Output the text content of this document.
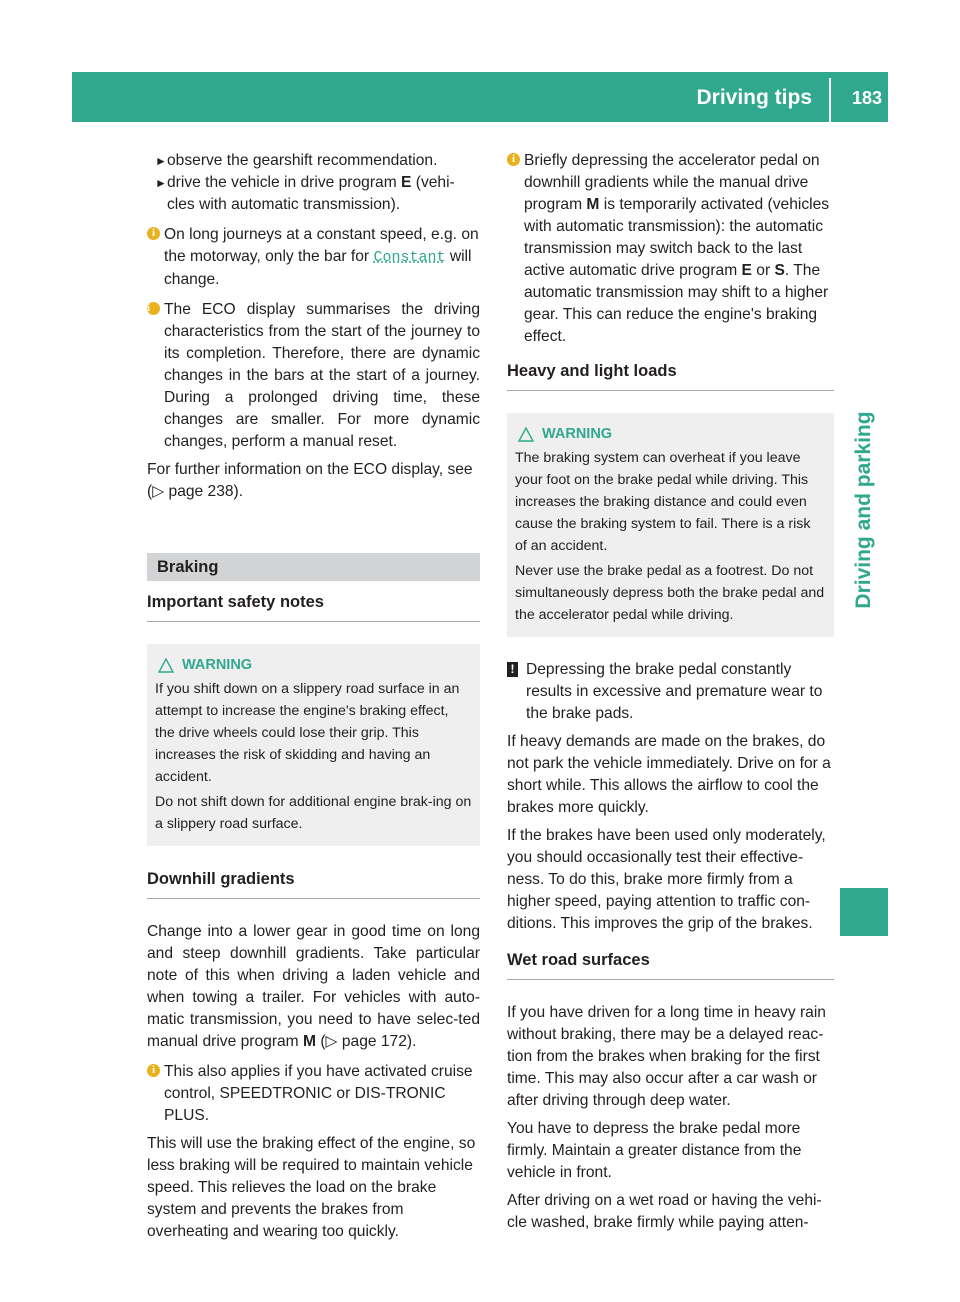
Driving tips 183
Driving and parking
► observe the gearshift recommendation.
► drive the vehicle in drive program E (vehi-cles with automatic transmission).
i On long journeys at a constant speed, e.g. on the motorway, only the bar for Constant will change.
i The ECO display summarises the driving characteristics from the start of the journey to its completion. Therefore, there are dynamic changes in the bars at the start of a journey. During a prolonged driving time, these changes are smaller. For more dynamic changes, perform a manual reset.

For further information on the ECO display, see (▷ page 238).

Braking
Important safety notes
WARNING

If you shift down on a slippery road surface in an attempt to increase the engine's braking effect, the drive wheels could lose their grip. This increases the risk of skidding and having an accident.

Do not shift down for additional engine brak-ing on a slippery road surface.

Downhill gradients

Change into a lower gear in good time on long and steep downhill gradients. Take particular note of this when driving a laden vehicle and when towing a trailer. For vehicles with auto-matic transmission, you need to have selec-ted manual drive program M (▷ page 172).

i This also applies if you have activated cruise control, SPEEDTRONIC or DIS-TRONIC PLUS.

This will use the braking effect of the engine, so less braking will be required to maintain vehicle speed. This relieves the load on the brake system and prevents the brakes from overheating and wearing too quickly.

i Briefly depressing the accelerator pedal on downhill gradients while the manual drive program M is temporarily activated (vehicles with automatic transmission): the automatic transmission may switch back to the last active automatic drive program E or S. The automatic transmission may shift to a higher gear. This can reduce the engine's braking effect.
Heavy and light loads
WARNING

The braking system can overheat if you leave your foot on the brake pedal while driving. This increases the braking distance and could even cause the braking system to fail. There is a risk of an accident.

Never use the brake pedal as a footrest. Do not simultaneously depress both the brake pedal and the accelerator pedal while driving.

! Depressing the brake pedal constantly results in excessive and premature wear to the brake pads.

If heavy demands are made on the brakes, do not park the vehicle immediately. Drive on for a short while. This allows the airflow to cool the brakes more quickly.

If the brakes have been used only moderately, you should occasionally test their effective-ness. To do this, brake more firmly from a higher speed, paying attention to traffic con-ditions. This improves the grip of the brakes.

Wet road surfaces

If you have driven for a long time in heavy rain without braking, there may be a delayed reac-tion from the brakes when braking for the first time. This may also occur after a car wash or after driving through deep water.

You have to depress the brake pedal more firmly. Maintain a greater distance from the vehicle in front.

After driving on a wet road or having the vehi-cle washed, brake firmly while paying atten-
